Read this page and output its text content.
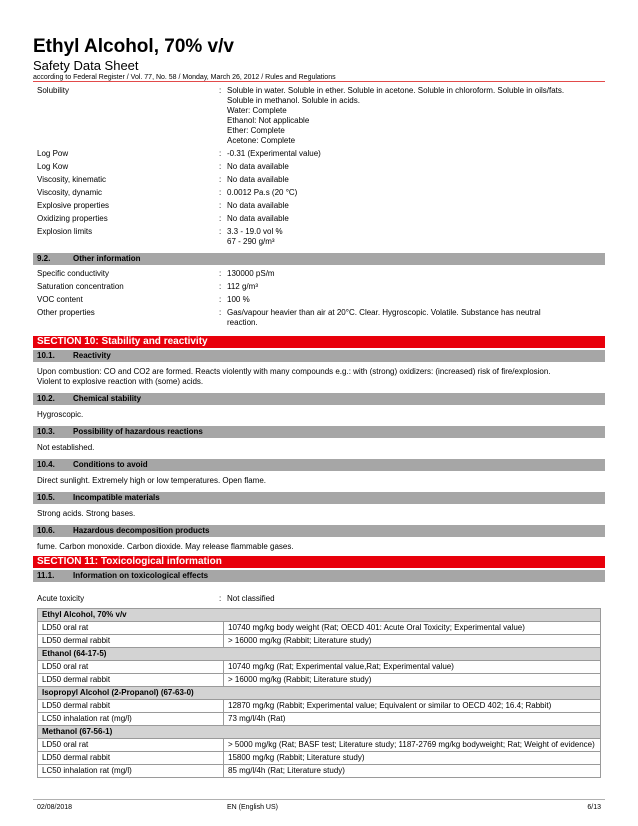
Ethyl Alcohol, 70% v/v
Safety Data Sheet
according to Federal Register / Vol. 77, No. 58 / Monday, March 26, 2012 / Rules and Regulations
Solubility	: Soluble in water. Soluble in ether. Soluble in acetone. Soluble in chloroform. Soluble in oils/fats.
Soluble in methanol. Soluble in acids.
Water: Complete
Ethanol: Not applicable
Ether: Complete
Acetone: Complete
Log Pow	: -0.31 (Experimental value)
Log Kow	: No data available
Viscosity, kinematic	: No data available
Viscosity, dynamic	: 0.0012 Pa.s (20 °C)
Explosive properties	: No data available
Oxidizing properties	: No data available
Explosion limits	: 3.3 - 19.0 vol %
67 - 290 g/m³
9.2.	Other information
Specific conductivity	: 130000 pS/m
Saturation concentration	: 112 g/m³
VOC content	: 100 %
Other properties	: Gas/vapour heavier than air at 20°C. Clear. Hygroscopic. Volatile. Substance has neutral
reaction.
SECTION 10: Stability and reactivity
10.1. Reactivity
Upon combustion: CO and CO2 are formed. Reacts violently with many compounds e.g.: with (strong) oxidizers: (increased) risk of fire/explosion.
Violent to explosive reaction with (some) acids.
10.2. Chemical stability
Hygroscopic.
10.3. Possibility of hazardous reactions
Not established.
10.4. Conditions to avoid
Direct sunlight. Extremely high or low temperatures. Open flame.
10.5. Incompatible materials
Strong acids. Strong bases.
10.6. Hazardous decomposition products
fume. Carbon monoxide. Carbon dioxide. May release flammable gases.
SECTION 11: Toxicological information
11.1. Information on toxicological effects
Acute toxicity	: Not classified
Ethyl Alcohol, 70% v/v	
LD50 oral rat	10740 mg/kg body weight (Rat; OECD 401: Acute Oral Toxicity; Experimental value)
LD50 dermal rabbit	> 16000 mg/kg (Rabbit; Literature study)
Ethanol (64-17-5)	
LD50 oral rat	10740 mg/kg (Rat; Experimental value,Rat; Experimental value)
LD50 dermal rabbit	> 16000 mg/kg (Rabbit; Literature study)
Isopropyl Alcohol (2-Propanol) (67-63-0)	
LD50 dermal rabbit	12870 mg/kg (Rabbit; Experimental value; Equivalent or similar to OECD 402; 16.4; Rabbit)
LC50 inhalation rat (mg/l)	73 mg/l/4h (Rat)
Methanol (67-56-1)	
LD50 oral rat	> 5000 mg/kg (Rat; BASF test; Literature study; 1187-2769 mg/kg bodyweight; Rat; Weight of evidence)
LD50 dermal rabbit	15800 mg/kg (Rabbit; Literature study)
LC50 inhalation rat (mg/l)	85 mg/l/4h (Rat; Literature study)
02/08/2018	EN (English US)	6/13
